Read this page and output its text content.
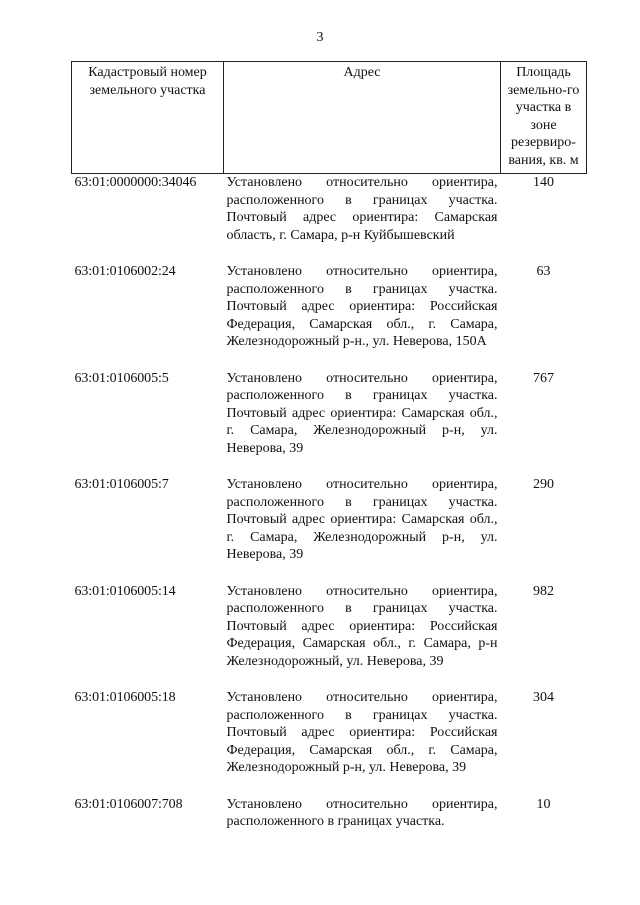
3
Кадастровый номер земельного участка	Адрес	Площадь земельно-го участка в зоне резервиро-вания, кв. м
63:01:0000000:34046	Установлено относительно ориентира, расположенного в границах участка. Почтовый адрес ориентира: Самарская область, г. Самара, р-н Куйбышевский	140
63:01:0106002:24	Установлено относительно ориентира, расположенного в границах участка. Почтовый адрес ориентира: Российская Федерация, Самарская обл., г. Самара, Железнодорожный р-н., ул. Неверова, 150А	63
63:01:0106005:5	Установлено относительно ориентира, расположенного в границах участка. Почтовый адрес ориентира: Самарская обл., г. Самара, Железнодорожный р-н, ул. Неверова, 39	767
63:01:0106005:7	Установлено относительно ориентира, расположенного в границах участка. Почтовый адрес ориентира: Самарская обл., г. Самара, Железнодорожный р-н, ул. Неверова, 39	290
63:01:0106005:14	Установлено относительно ориентира, расположенного в границах участка. Почтовый адрес ориентира: Российская Федерация, Самарская обл., г. Самара, р-н Железнодорожный, ул. Неверова, 39	982
63:01:0106005:18	Установлено относительно ориентира, расположенного в границах участка. Почтовый адрес ориентира: Российская Федерация, Самарская обл., г. Самара, Железнодорожный р-н, ул. Неверова, 39	304
63:01:0106007:708	Установлено относительно ориентира, расположенного в границах участка.	10
